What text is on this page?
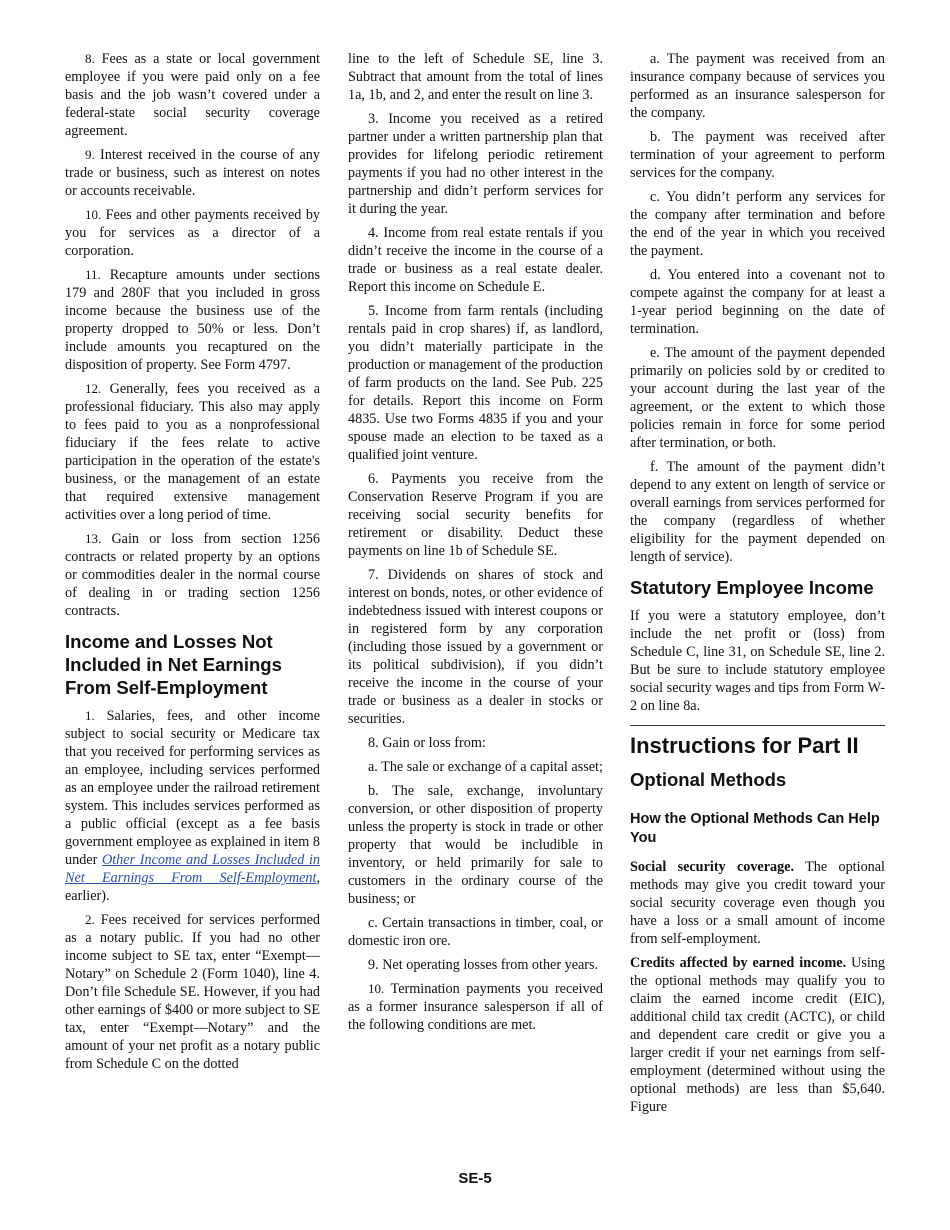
8. Fees as a state or local government employee if you were paid only on a fee basis and the job wasn’t covered under a federal-state social security coverage agreement.

9. Interest received in the course of any trade or business, such as interest on notes or accounts receivable.

10. Fees and other payments received by you for services as a director of a corporation.

11. Recapture amounts under sections 179 and 280F that you included in gross income because the business use of the property dropped to 50% or less. Don’t include amounts you recaptured on the disposition of property. See Form 4797.

12. Generally, fees you received as a professional fiduciary. This also may apply to fees paid to you as a nonprofessional fiduciary if the fees relate to active participation in the operation of the estate's business, or the management of an estate that required extensive management activities over a long period of time.

13. Gain or loss from section 1256 contracts or related property by an options or commodities dealer in the normal course of dealing in or trading section 1256 contracts.

Income and Losses Not Included in Net Earnings From Self-Employment

1. Salaries, fees, and other income subject to social security or Medicare tax that you received for performing services as an employee, including services performed as an employee under the railroad retirement system. This includes services performed as a public official (except as a fee basis government employee as explained in item 8 under Other Income and Losses Included in Net Earnings From Self-Employment, earlier).

2. Fees received for services performed as a notary public. If you had no other income subject to SE tax, enter “Exempt—Notary” on Schedule 2 (Form 1040), line 4. Don’t file Schedule SE. However, if you had other earnings of $400 or more subject to SE tax, enter “Exempt—Notary” and the amount of your net profit as a notary public from Schedule C on the dotted

line to the left of Schedule SE, line 3. Subtract that amount from the total of lines 1a, 1b, and 2, and enter the result on line 3.

3. Income you received as a retired partner under a written partnership plan that provides for lifelong periodic retirement payments if you had no other interest in the partnership and didn’t perform services for it during the year.

4. Income from real estate rentals if you didn’t receive the income in the course of a trade or business as a real estate dealer. Report this income on Schedule E.

5. Income from farm rentals (including rentals paid in crop shares) if, as landlord, you didn’t materially participate in the production or management of the production of farm products on the land. See Pub. 225 for details. Report this income on Form 4835. Use two Forms 4835 if you and your spouse made an election to be taxed as a qualified joint venture.

6. Payments you receive from the Conservation Reserve Program if you are receiving social security benefits for retirement or disability. Deduct these payments on line 1b of Schedule SE.

7. Dividends on shares of stock and interest on bonds, notes, or other evidence of indebtedness issued with interest coupons or in registered form by any corporation (including those issued by a government or its political subdivision), if you didn’t receive the income in the course of your trade or business as a dealer in stocks or securities.

8. Gain or loss from:

a. The sale or exchange of a capital asset;

b. The sale, exchange, involuntary conversion, or other disposition of property unless the property is stock in trade or other property that would be includible in inventory, or held primarily for sale to customers in the ordinary course of the business; or

c. Certain transactions in timber, coal, or domestic iron ore.

9. Net operating losses from other years.

10. Termination payments you received as a former insurance salesperson if all of the following conditions are met.

a. The payment was received from an insurance company because of services you performed as an insurance salesperson for the company.

b. The payment was received after termination of your agreement to perform services for the company.

c. You didn’t perform any services for the company after termination and before the end of the year in which you received the payment.

d. You entered into a covenant not to compete against the company for at least a 1-year period beginning on the date of termination.

e. The amount of the payment depended primarily on policies sold by or credited to your account during the last year of the agreement, or the extent to which those policies remain in force for some period after termination, or both.

f. The amount of the payment didn’t depend to any extent on length of service or overall earnings from services performed for the company (regardless of whether eligibility for the payment depended on length of service).

Statutory Employee Income

If you were a statutory employee, don’t include the net profit or (loss) from Schedule C, line 31, on Schedule SE, line 2. But be sure to include statutory employee social security wages and tips from Form W-2 on line 8a.

Instructions for Part II
Optional Methods
How the Optional Methods Can Help You

Social security coverage. The optional methods may give you credit toward your social security coverage even though you have a loss or a small amount of income from self-employment.

Credits affected by earned income. Using the optional methods may qualify you to claim the earned income credit (EIC), additional child tax credit (ACTC), or child and dependent care credit or give you a larger credit if your net earnings from self-employment (determined without using the optional methods) are less than $5,640. Figure

SE-5
